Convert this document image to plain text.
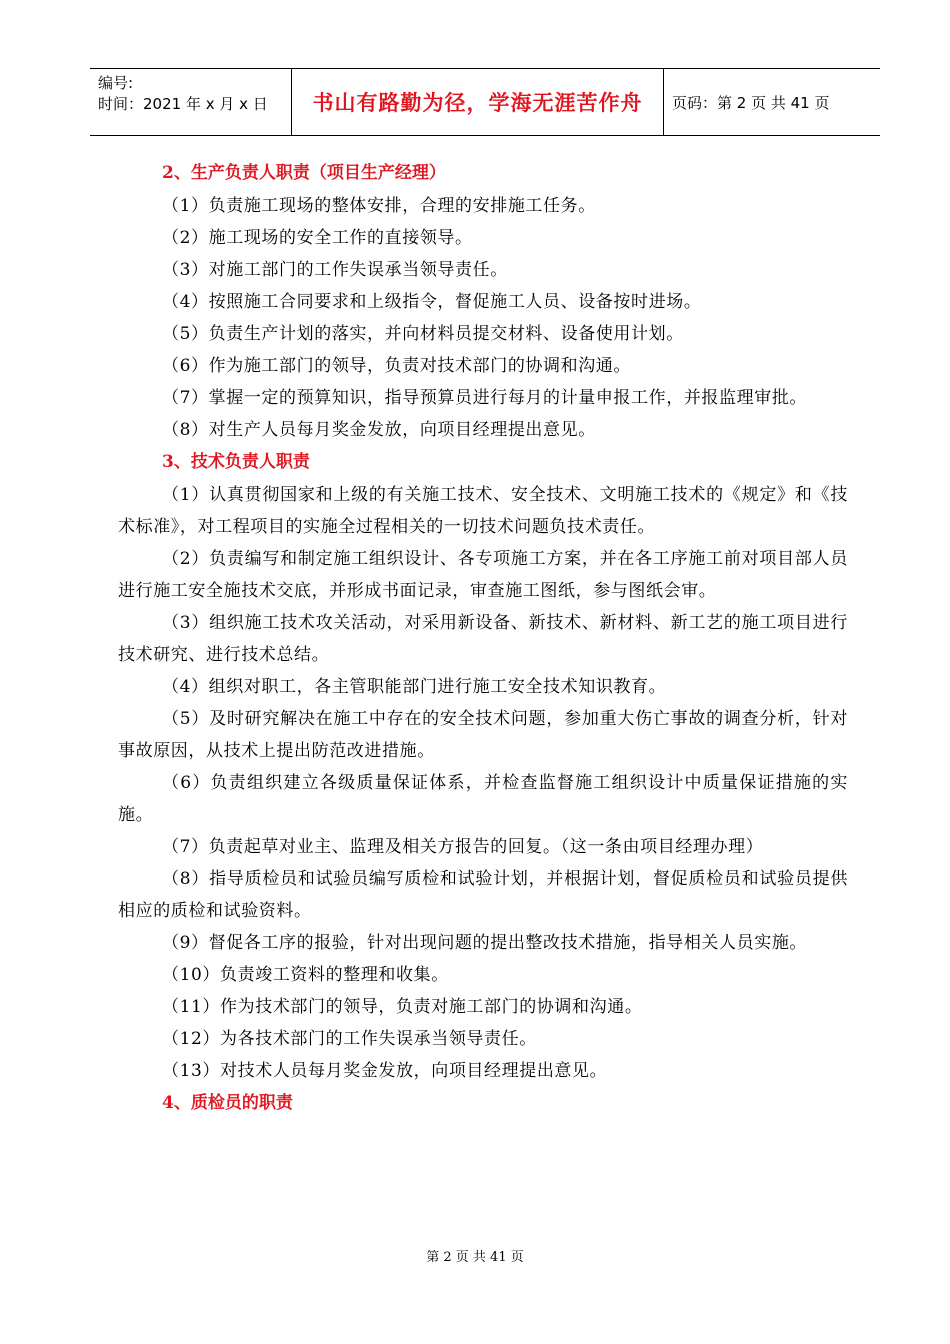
编号:
时间：2021 年 x 月 x 日	书山有路勤为径，学海无涯苦作舟	页码：第 2 页 共 41 页
2、生产负责人职责（项目生产经理）
（1）负责施工现场的整体安排，合理的安排施工任务。
（2）施工现场的安全工作的直接领导。
（3）对施工部门的工作失误承当领导责任。
（4）按照施工合同要求和上级指令，督促施工人员、设备按时进场。
（5）负责生产计划的落实，并向材料员提交材料、设备使用计划。
（6）作为施工部门的领导，负责对技术部门的协调和沟通。
（7）掌握一定的预算知识，指导预算员进行每月的计量申报工作，并报监理审批。
（8）对生产人员每月奖金发放，向项目经理提出意见。
3、技术负责人职责
（1）认真贯彻国家和上级的有关施工技术、安全技术、文明施工技术的《规定》和《技术标准》，对工程项目的实施全过程相关的一切技术问题负技术责任。
（2）负责编写和制定施工组织设计、各专项施工方案，并在各工序施工前对项目部人员进行施工安全施技术交底，并形成书面记录，审查施工图纸，参与图纸会审。
（3）组织施工技术攻关活动，对采用新设备、新技术、新材料、新工艺的施工项目进行技术研究、进行技术总结。
（4）组织对职工，各主管职能部门进行施工安全技术知识教育。
（5）及时研究解决在施工中存在的安全技术问题，参加重大伤亡事故的调查分析，针对事故原因，从技术上提出防范改进措施。
（6）负责组织建立各级质量保证体系，并检查监督施工组织设计中质量保证措施的实施。
（7）负责起草对业主、监理及相关方报告的回复。（这一条由项目经理办理）
（8）指导质检员和试验员编写质检和试验计划，并根据计划，督促质检员和试验员提供相应的质检和试验资料。
（9）督促各工序的报验，针对出现问题的提出整改技术措施，指导相关人员实施。
（10）负责竣工资料的整理和收集。
（11）作为技术部门的领导，负责对施工部门的协调和沟通。
（12）为各技术部门的工作失误承当领导责任。
（13）对技术人员每月奖金发放，向项目经理提出意见。
4、质检员的职责
第 2 页 共 41 页
